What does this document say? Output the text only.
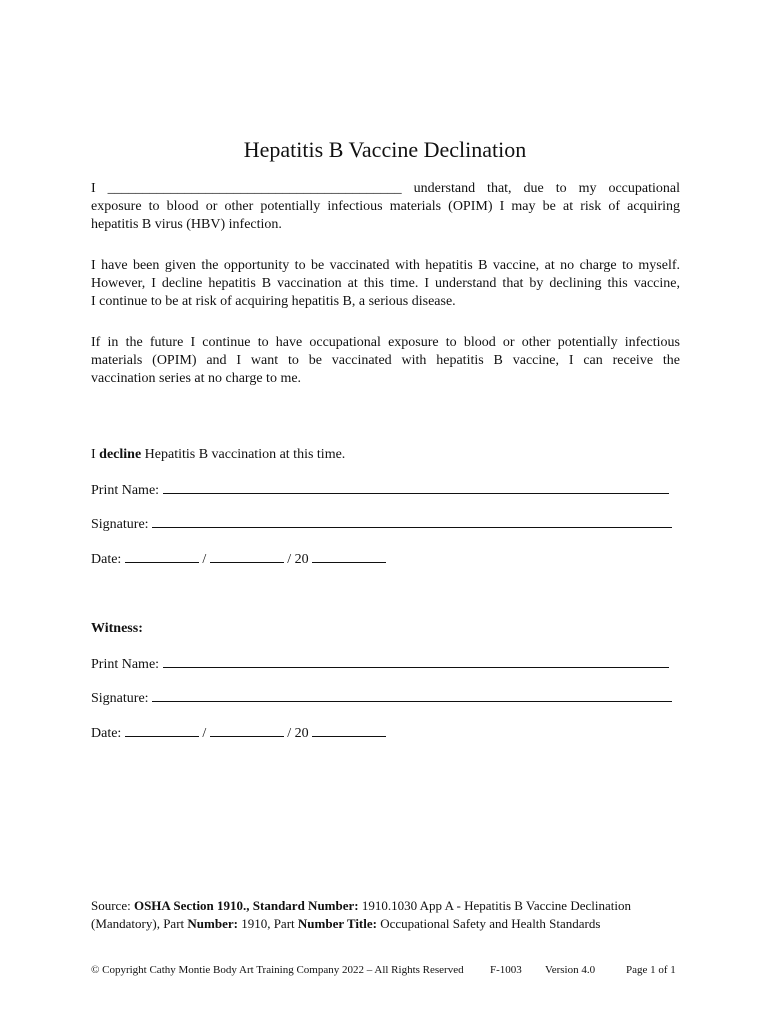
Hepatitis B Vaccine Declination
I __________________________________________ understand that, due to my occupational
exposure to blood or other potentially infectious materials (OPIM) I may be at risk of acquiring
hepatitis B virus (HBV) infection.
I have been given the opportunity to be vaccinated with hepatitis B vaccine, at no charge to myself.
However, I decline hepatitis B vaccination at this time. I understand that by declining this vaccine,
I continue to be at risk of acquiring hepatitis B, a serious disease.
If in the future I continue to have occupational exposure to blood or other potentially infectious
materials (OPIM) and I want to be vaccinated with hepatitis B vaccine, I can receive the
vaccination series at no charge to me.
I decline Hepatitis B vaccination at this time.
Print Name:
Signature:
Date:	/	/ 20
Witness:
Print Name:
Signature:
Date:	/	/ 20
Source: OSHA Section 1910., Standard Number: 1910.1030 App A - Hepatitis B Vaccine Declination
(Mandatory), Part Number: 1910, Part Number Title: Occupational Safety and Health Standards
© Copyright Cathy Montie Body Art Training Company 2022 – All Rights Reserved F-1003 Version 4.0	Page 1 of 1
